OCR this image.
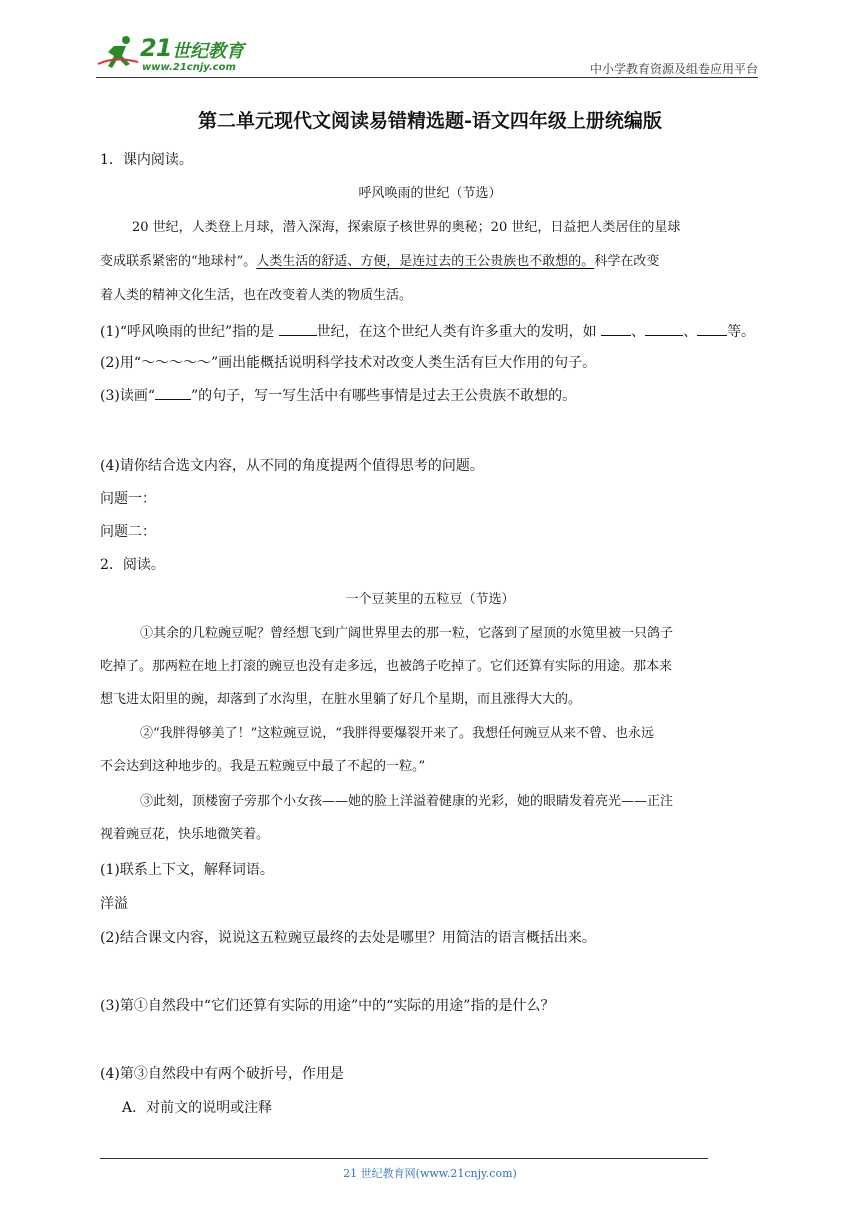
21 世纪教育
www.21cnjy.com	中小学教育资源及组卷应用平台
第二单元现代文阅读易错精选题-语文四年级上册统编版
1．课内阅读。
呼风唤雨的世纪（节选）
20 世纪，人类登上月球，潜入深海，探索原子核世界的奥秘；20 世纪，日益把人类居住的星球
变成联系紧密的“地球村”。人类生活的舒适、方便，是连过去的王公贵族也不敢想的。科学在改变
着人类的精神文化生活，也在改变着人类的物质生活。
(1)“呼风唤雨的世纪”指的是	世纪，在这个世纪人类有许多重大的发明，如 、	、 等。
(2)用“～～～～～”画出能概括说明科学技术对改变人类生活有巨大作用的句子。
(3)读画“	”的句子，写一写生活中有哪些事情是过去王公贵族不敢想的。
(4)请你结合选文内容，从不同的角度提两个值得思考的问题。
问题一：
问题二：
2．阅读。
一个豆荚里的五粒豆（节选）
①其余的几粒豌豆呢？曾经想飞到广阔世界里去的那一粒，它落到了屋顶的水笕里被一只鸽子
吃掉了。那两粒在地上打滚的豌豆也没有走多远，也被鸽子吃掉了。它们还算有实际的用途。那本来
想飞进太阳里的豌，却落到了水沟里，在脏水里躺了好几个星期，而且涨得大大的。
②“我胖得够美了！”这粒豌豆说，“我胖得要爆裂开来了。我想任何豌豆从来不曾、也永远
不会达到这种地步的。我是五粒豌豆中最了不起的一粒。”
③此刻，顶楼窗子旁那个小女孩——她的脸上洋溢着健康的光彩，她的眼睛发着亮光——正注
视着豌豆花，快乐地微笑着。
(1)联系上下文，解释词语。
洋溢
(2)结合课文内容，说说这五粒豌豆最终的去处是哪里？用简洁的语言概括出来。
(3)第①自然段中“它们还算有实际的用途”中的“实际的用途”指的是什么？
(4)第③自然段中有两个破折号，作用是
A．对前文的说明或注释
21 世纪教育网(www.21cnjy.com)
